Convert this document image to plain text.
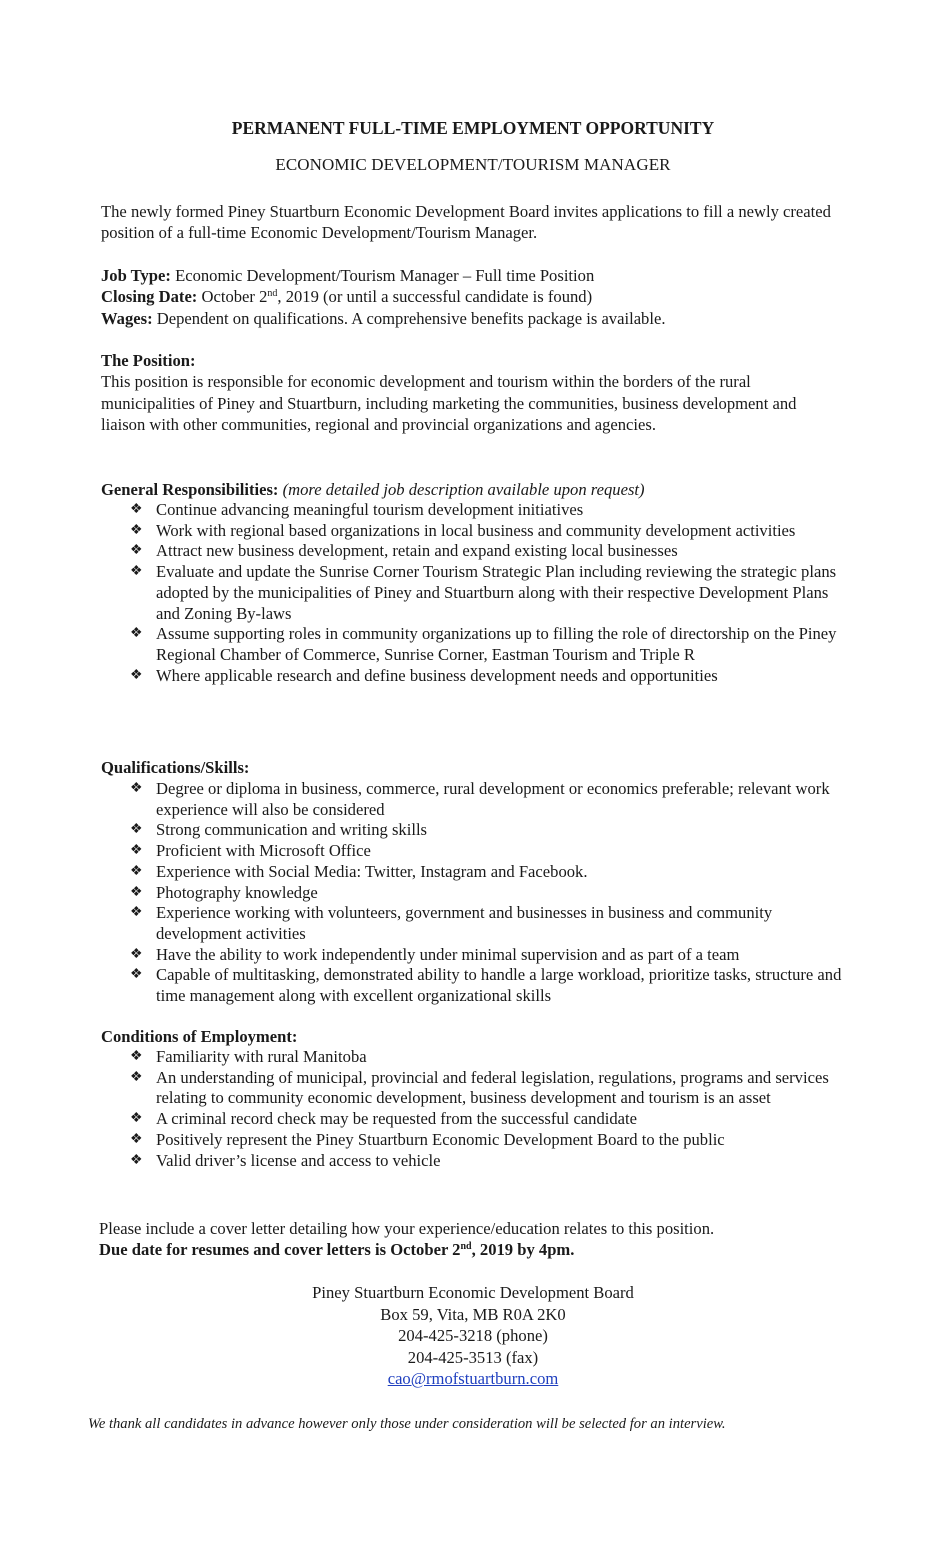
PERMANENT FULL-TIME EMPLOYMENT OPPORTUNITY
ECONOMIC DEVELOPMENT/TOURISM MANAGER

The newly formed Piney Stuartburn Economic Development Board invites applications to fill a newly created position of a full-time Economic Development/Tourism Manager.

Job Type: Economic Development/Tourism Manager – Full time Position
Closing Date: October 2nd, 2019 (or until a successful candidate is found)
Wages: Dependent on qualifications. A comprehensive benefits package is available.
The Position:
This position is responsible for economic development and tourism within the borders of the rural municipalities of Piney and Stuartburn, including marketing the communities, business development and liaison with other communities, regional and provincial organizations and agencies.
General Responsibilities: (more detailed job description available upon request)
❖ Continue advancing meaningful tourism development initiatives
❖ Work with regional based organizations in local business and community development activities
❖ Attract new business development, retain and expand existing local businesses
❖ Evaluate and update the Sunrise Corner Tourism Strategic Plan including reviewing the strategic plans adopted by the municipalities of Piney and Stuartburn along with their respective Development Plans and Zoning By-laws
❖ Assume supporting roles in community organizations up to filling the role of directorship on the Piney Regional Chamber of Commerce, Sunrise Corner, Eastman Tourism and Triple R
❖ Where applicable research and define business development needs and opportunities
Qualifications/Skills:
❖ Degree or diploma in business, commerce, rural development or economics preferable; relevant work experience will also be considered
❖ Strong communication and writing skills
❖ Proficient with Microsoft Office
❖ Experience with Social Media: Twitter, Instagram and Facebook.
❖ Photography knowledge
❖ Experience working with volunteers, government and businesses in business and community development activities
❖ Have the ability to work independently under minimal supervision and as part of a team
❖ Capable of multitasking, demonstrated ability to handle a large workload, prioritize tasks, structure and time management along with excellent organizational skills
Conditions of Employment:
❖ Familiarity with rural Manitoba
❖ An understanding of municipal, provincial and federal legislation, regulations, programs and services relating to community economic development, business development and tourism is an asset
❖ A criminal record check may be requested from the successful candidate
❖ Positively represent the Piney Stuartburn Economic Development Board to the public
❖ Valid driver’s license and access to vehicle
Please include a cover letter detailing how your experience/education relates to this position.
Due date for resumes and cover letters is October 2nd, 2019 by 4pm.
Piney Stuartburn Economic Development Board
Box 59, Vita, MB R0A 2K0
204-425-3218 (phone)
204-425-3513 (fax)
cao@rmofstuartburn.com
We thank all candidates in advance however only those under consideration will be selected for an interview.
